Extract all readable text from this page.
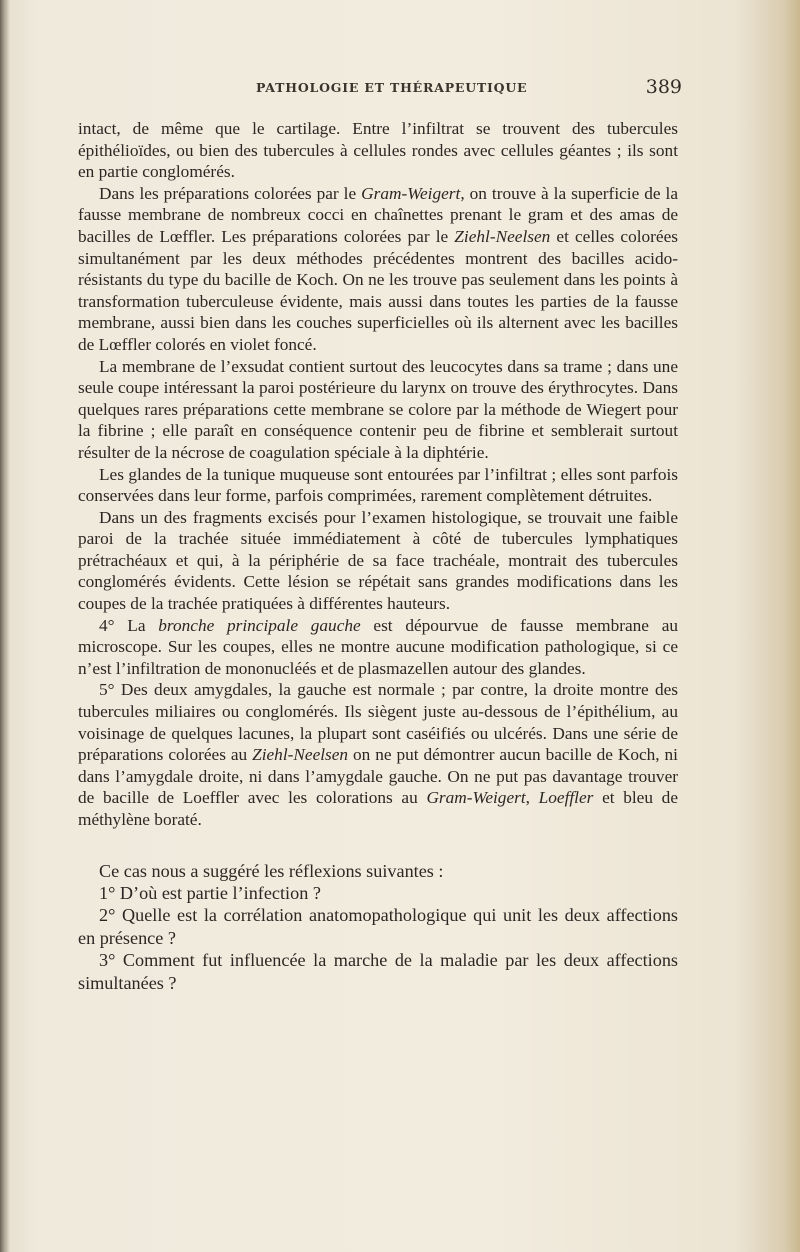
PATHOLOGIE ET THÉRAPEUTIQUE	389

intact, de même que le cartilage. Entre l’infiltrat se trouvent des tubercules épithélioïdes, ou bien des tubercules à cellules rondes avec cellules géantes ; ils sont en partie conglomérés.

Dans les préparations colorées par le Gram-Weigert, on trouve à la superficie de la fausse membrane de nombreux cocci en chaînettes prenant le gram et des amas de bacilles de Lœffler. Les préparations colorées par le Ziehl-Neelsen et celles colorées simultanément par les deux méthodes précédentes montrent des bacilles acido-résistants du type du bacille de Koch. On ne les trouve pas seulement dans les points à transformation tuberculeuse évidente, mais aussi dans toutes les parties de la fausse membrane, aussi bien dans les couches superficielles où ils alternent avec les bacilles de Lœffler colorés en violet foncé.

La membrane de l’exsudat contient surtout des leucocytes dans sa trame ; dans une seule coupe intéressant la paroi postérieure du larynx on trouve des érythrocytes. Dans quelques rares préparations cette membrane se colore par la méthode de Wiegert pour la fibrine ; elle paraît en conséquence contenir peu de fibrine et semblerait surtout résulter de la nécrose de coagulation spéciale à la diphtérie.

Les glandes de la tunique muqueuse sont entourées par l’infiltrat ; elles sont parfois conservées dans leur forme, parfois comprimées, rarement complètement détruites.

Dans un des fragments excisés pour l’examen histologique, se trouvait une faible paroi de la trachée située immédiatement à côté de tubercules lymphatiques prétrachéaux et qui, à la périphérie de sa face trachéale, montrait des tubercules conglomérés évidents. Cette lésion se répétait sans grandes modifications dans les coupes de la trachée pratiquées à différentes hauteurs.

4° La bronche principale gauche est dépourvue de fausse membrane au microscope. Sur les coupes, elles ne montre aucune modification pathologique, si ce n’est l’infiltration de mononucléés et de plasmazellen autour des glandes.

5° Des deux amygdales, la gauche est normale ; par contre, la droite montre des tubercules miliaires ou conglomérés. Ils siègent juste au-dessous de l’épithélium, au voisinage de quelques lacunes, la plupart sont caséifiés ou ulcérés. Dans une série de préparations colorées au Ziehl-Neelsen on ne put démontrer aucun bacille de Koch, ni dans l’amygdale droite, ni dans l’amygdale gauche. On ne put pas davantage trouver de bacille de Loeffler avec les colorations au Gram-Weigert, Loeffler et bleu de méthylène boraté.

Ce cas nous a suggéré les réflexions suivantes :

1° D’où est partie l’infection ?

2° Quelle est la corrélation anatomopathologique qui unit les deux affections en présence ?

3° Comment fut influencée la marche de la maladie par les deux affections simultanées ?
